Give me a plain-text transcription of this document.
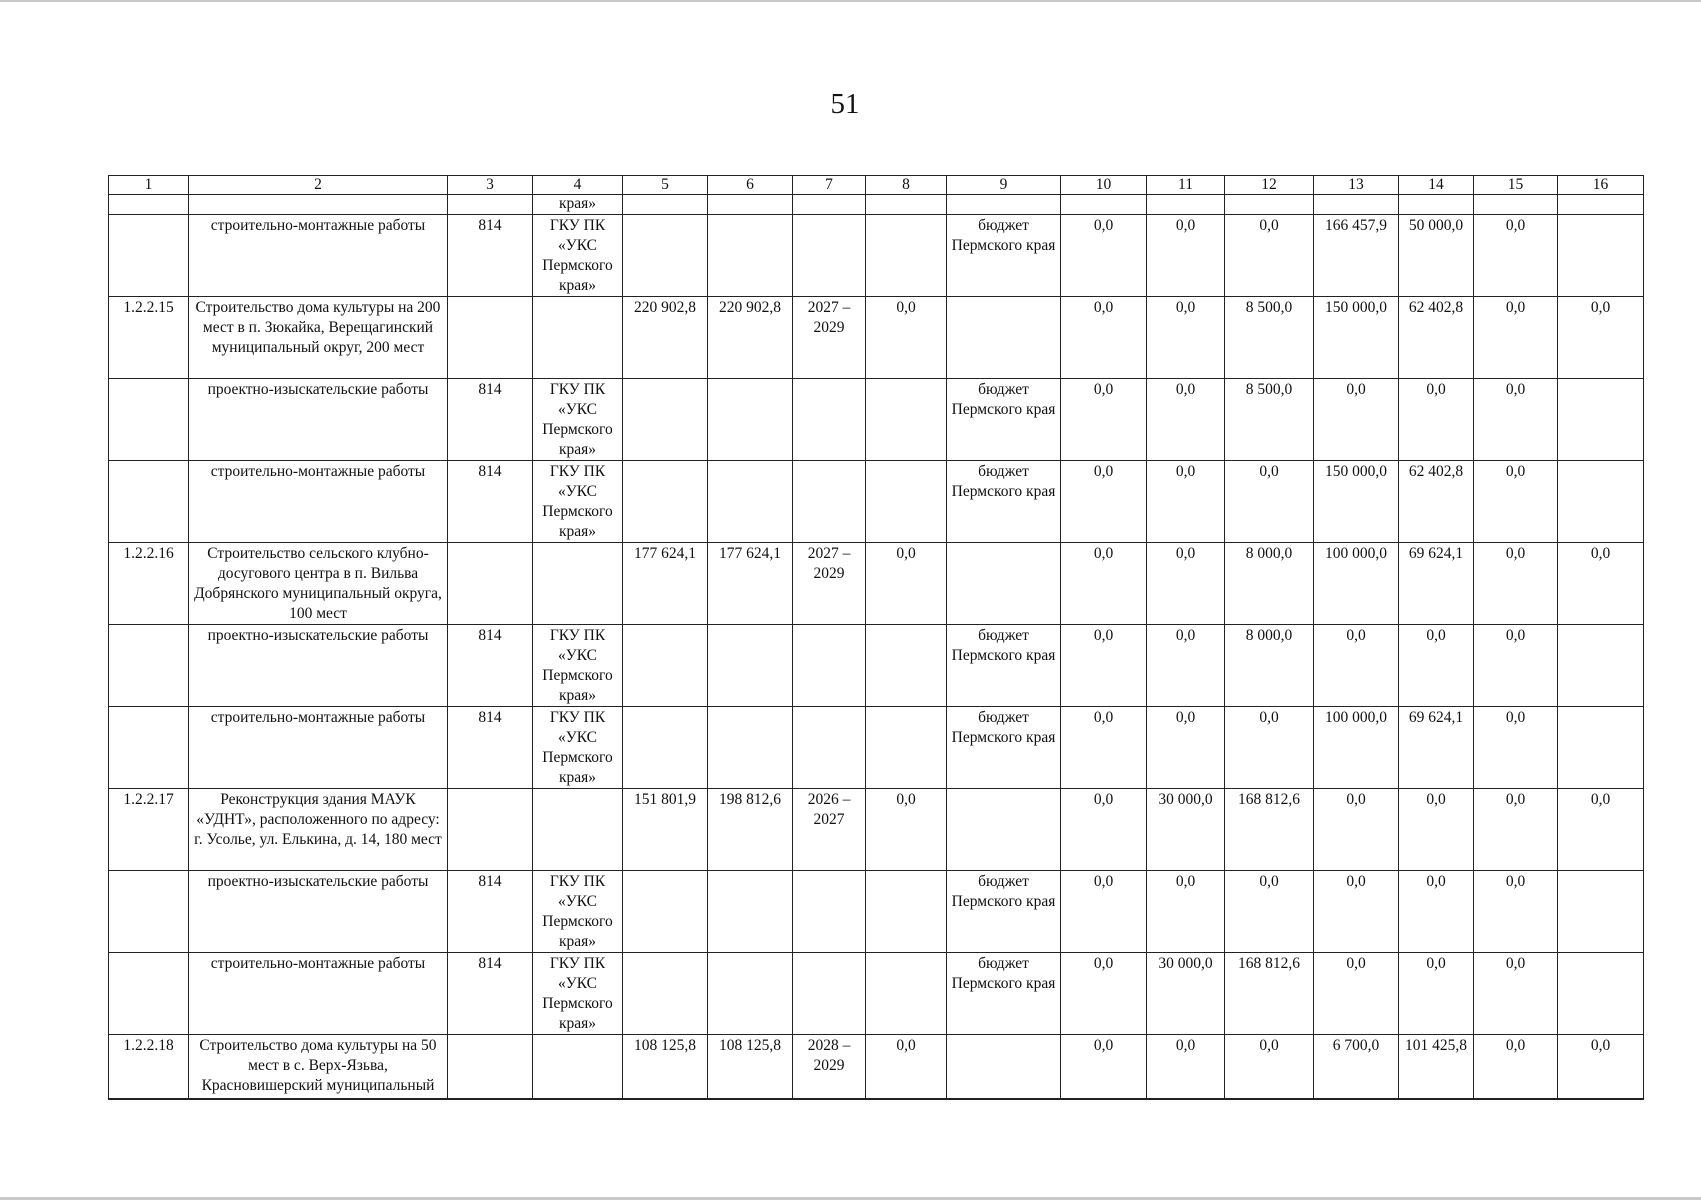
51
1	2	3	4	5	6	7	8	9	10	11	12	13	14	15	16
			края»												
	строительно-монтажные работы	814	ГКУ ПК «УКС Пермского края»					бюджет Пермского края	0,0	0,0	0,0	166 457,9	50 000,0	0,0	
1.2.2.15	Строительство дома культуры на 200 мест в п. Зюкайка, Верещагинский муниципальный округ, 200 мест			220 902,8	220 902,8	2027 – 2029	0,0		0,0	0,0	8 500,0	150 000,0	62 402,8	0,0	0,0
	проектно-изыскательские работы	814	ГКУ ПК «УКС Пермского края»					бюджет Пермского края	0,0	0,0	8 500,0	0,0	0,0	0,0	
	строительно-монтажные работы	814	ГКУ ПК «УКС Пермского края»					бюджет Пермского края	0,0	0,0	0,0	150 000,0	62 402,8	0,0	
1.2.2.16	Строительство сельского клубно-досугового центра в п. Вильва Добрянского муниципальный округа, 100 мест			177 624,1	177 624,1	2027 – 2029	0,0		0,0	0,0	8 000,0	100 000,0	69 624,1	0,0	0,0
	проектно-изыскательские работы	814	ГКУ ПК «УКС Пермского края»					бюджет Пермского края	0,0	0,0	8 000,0	0,0	0,0	0,0	
	строительно-монтажные работы	814	ГКУ ПК «УКС Пермского края»					бюджет Пермского края	0,0	0,0	0,0	100 000,0	69 624,1	0,0	
1.2.2.17	Реконструкция здания МАУК «УДНТ», расположенного по адресу: г. Усолье, ул. Елькина, д. 14, 180 мест			151 801,9	198 812,6	2026 – 2027	0,0		0,0	30 000,0	168 812,6	0,0	0,0	0,0	0,0
	проектно-изыскательские работы	814	ГКУ ПК «УКС Пермского края»					бюджет Пермского края	0,0	0,0	0,0	0,0	0,0	0,0	
	строительно-монтажные работы	814	ГКУ ПК «УКС Пермского края»					бюджет Пермского края	0,0	30 000,0	168 812,6	0,0	0,0	0,0	
1.2.2.18	Строительство дома культуры на 50 мест в с. Верх-Язьва, Красновишерский муниципальный			108 125,8	108 125,8	2028 – 2029	0,0		0,0	0,0	0,0	6 700,0	101 425,8	0,0	0,0
